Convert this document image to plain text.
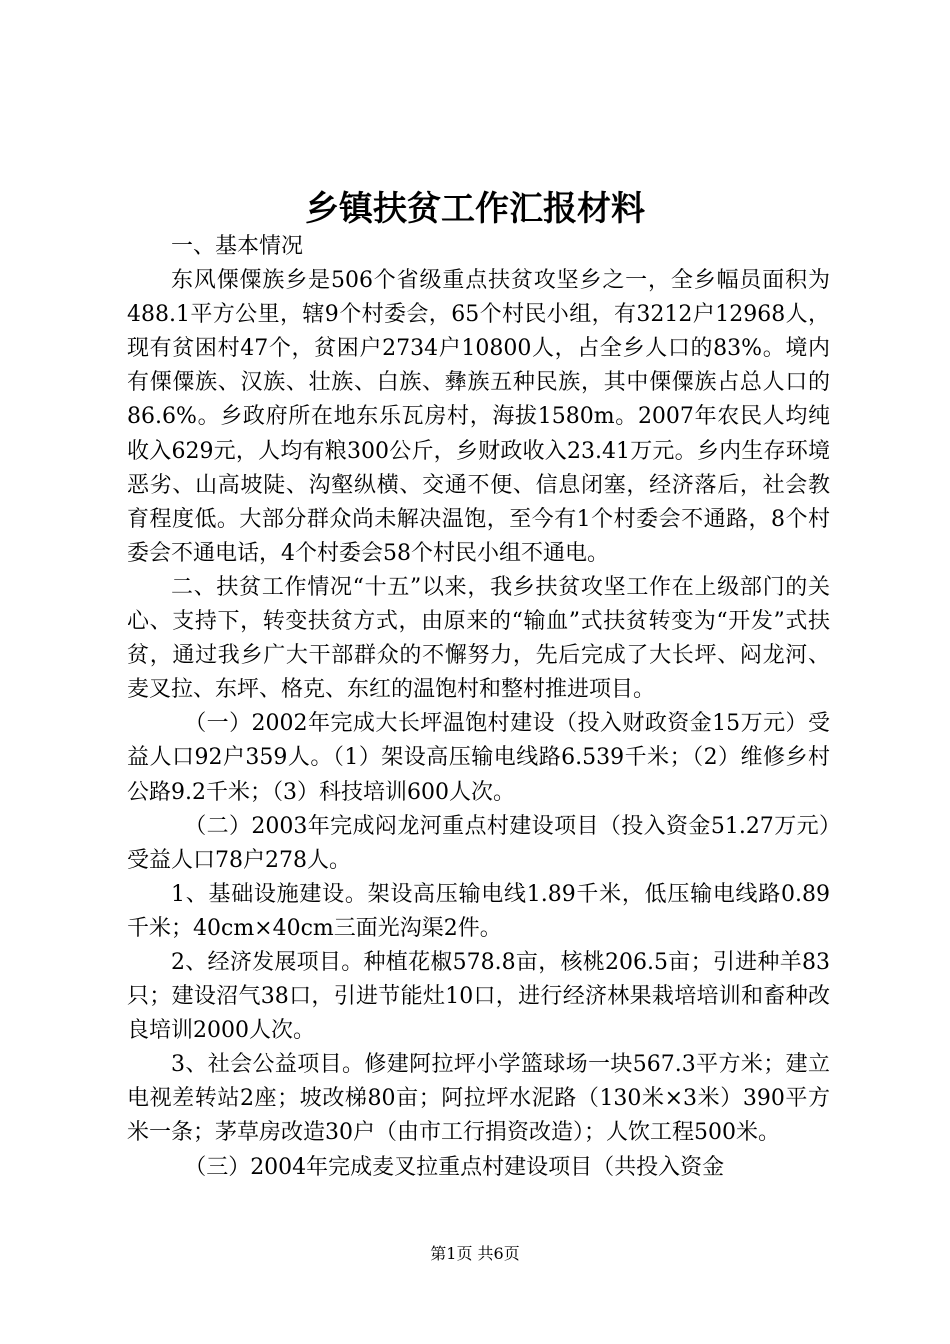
乡镇扶贫工作汇报材料

一、基本情况

东风傈僳族乡是506个省级重点扶贫攻坚乡之一，全乡幅员面积为488.1平方公里，辖9个村委会，65个村民小组，有3212户12968人，现有贫困村47个，贫困户2734户10800人，占全乡人口的83%。境内有傈僳族、汉族、壮族、白族、彝族五种民族，其中傈僳族占总人口的86.6%。乡政府所在地东乐瓦房村，海拔1580m。2007年农民人均纯收入629元，人均有粮300公斤，乡财政收入23.41万元。乡内生存环境恶劣、山高坡陡、沟壑纵横、交通不便、信息闭塞，经济落后，社会教育程度低。大部分群众尚未解决温饱，至今有1个村委会不通路，8个村委会不通电话，4个村委会58个村民小组不通电。

二、扶贫工作情况“十五”以来，我乡扶贫攻坚工作在上级部门的关心、支持下，转变扶贫方式，由原来的“输血”式扶贫转变为“开发”式扶贫，通过我乡广大干部群众的不懈努力，先后完成了大长坪、闷龙河、麦叉拉、东坪、格克、东红的温饱村和整村推进项目。

（一）2002年完成大长坪温饱村建设（投入财政资金15万元）受益人口92户359人。（1）架设高压输电线路6.539千米；（2）维修乡村公路9.2千米；（3）科技培训600人次。

（二）2003年完成闷龙河重点村建设项目（投入资金51.27万元）受益人口78户278人。

1、基础设施建设。架设高压输电线1.89千米，低压输电线路0.89千米；40cm×40cm三面光沟渠2件。

2、经济发展项目。种植花椒578.8亩，核桃206.5亩；引进种羊83只；建设沼气38口，引进节能灶10口，进行经济林果栽培培训和畜种改良培训2000人次。

3、社会公益项目。修建阿拉坪小学篮球场一块567.3平方米；建立电视差转站2座；坡改梯80亩；阿拉坪水泥路（130米×3米）390平方米一条；茅草房改造30户（由市工行捐资改造）；人饮工程500米。

（三）2004年完成麦叉拉重点村建设项目（共投入资金

第1页 共6页
